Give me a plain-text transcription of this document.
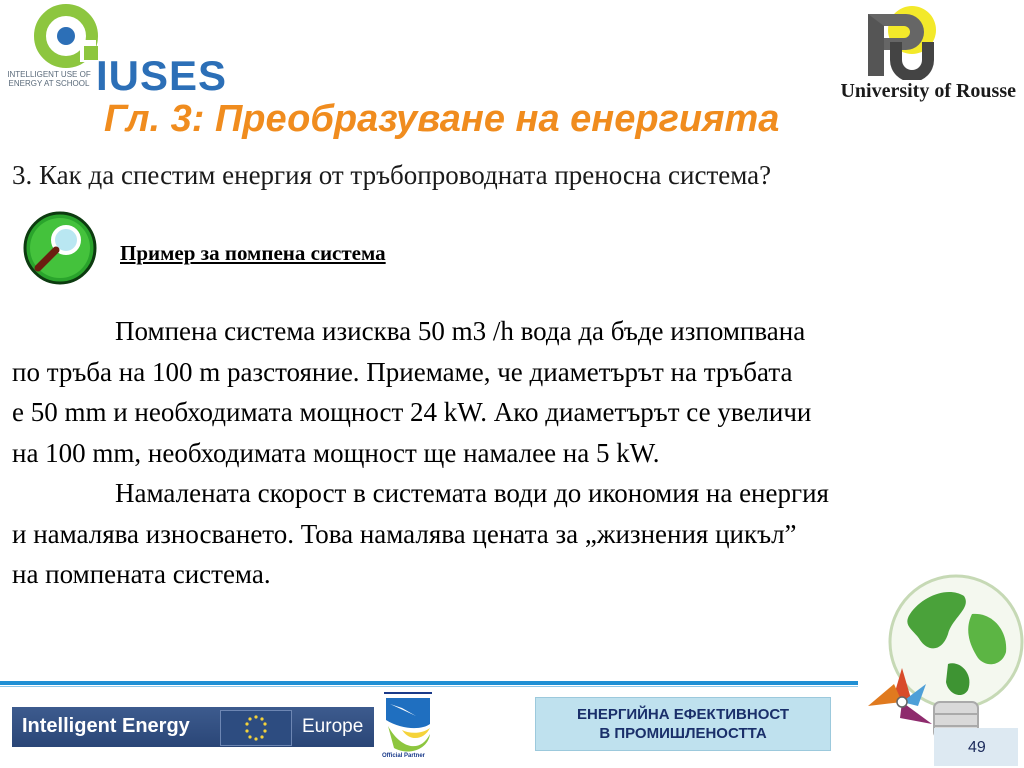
INTELLIGENT USE OF ENERGY AT SCHOOL IUSES	University of Rousse
Гл. 3: Преобразуване на енергията
3. Как да спестим енергия от тръбопроводната преносна система?
Пример за помпена система
Помпена система изисква 50 m3 /h вода да бъде изпомпвана
по тръба на 100 m разстояние. Приемаме, че диаметърът на тръбата
е 50 mm и необходимата мощност 24 kW. Ако диаметърът се увеличи
на 100 mm, необходимата мощност ще намалее на 5 kW.
Намалената скорост в системата води до икономия на енергия
и намалява износването. Това намалява цената за „жизнения цикъл”
на помпената система.
Intelligent Energy	Europe
Official Partner
ЕНЕРГИЙНА ЕФЕКТИВНОСТ
В ПРОМИШЛЕНОСТТА
49
